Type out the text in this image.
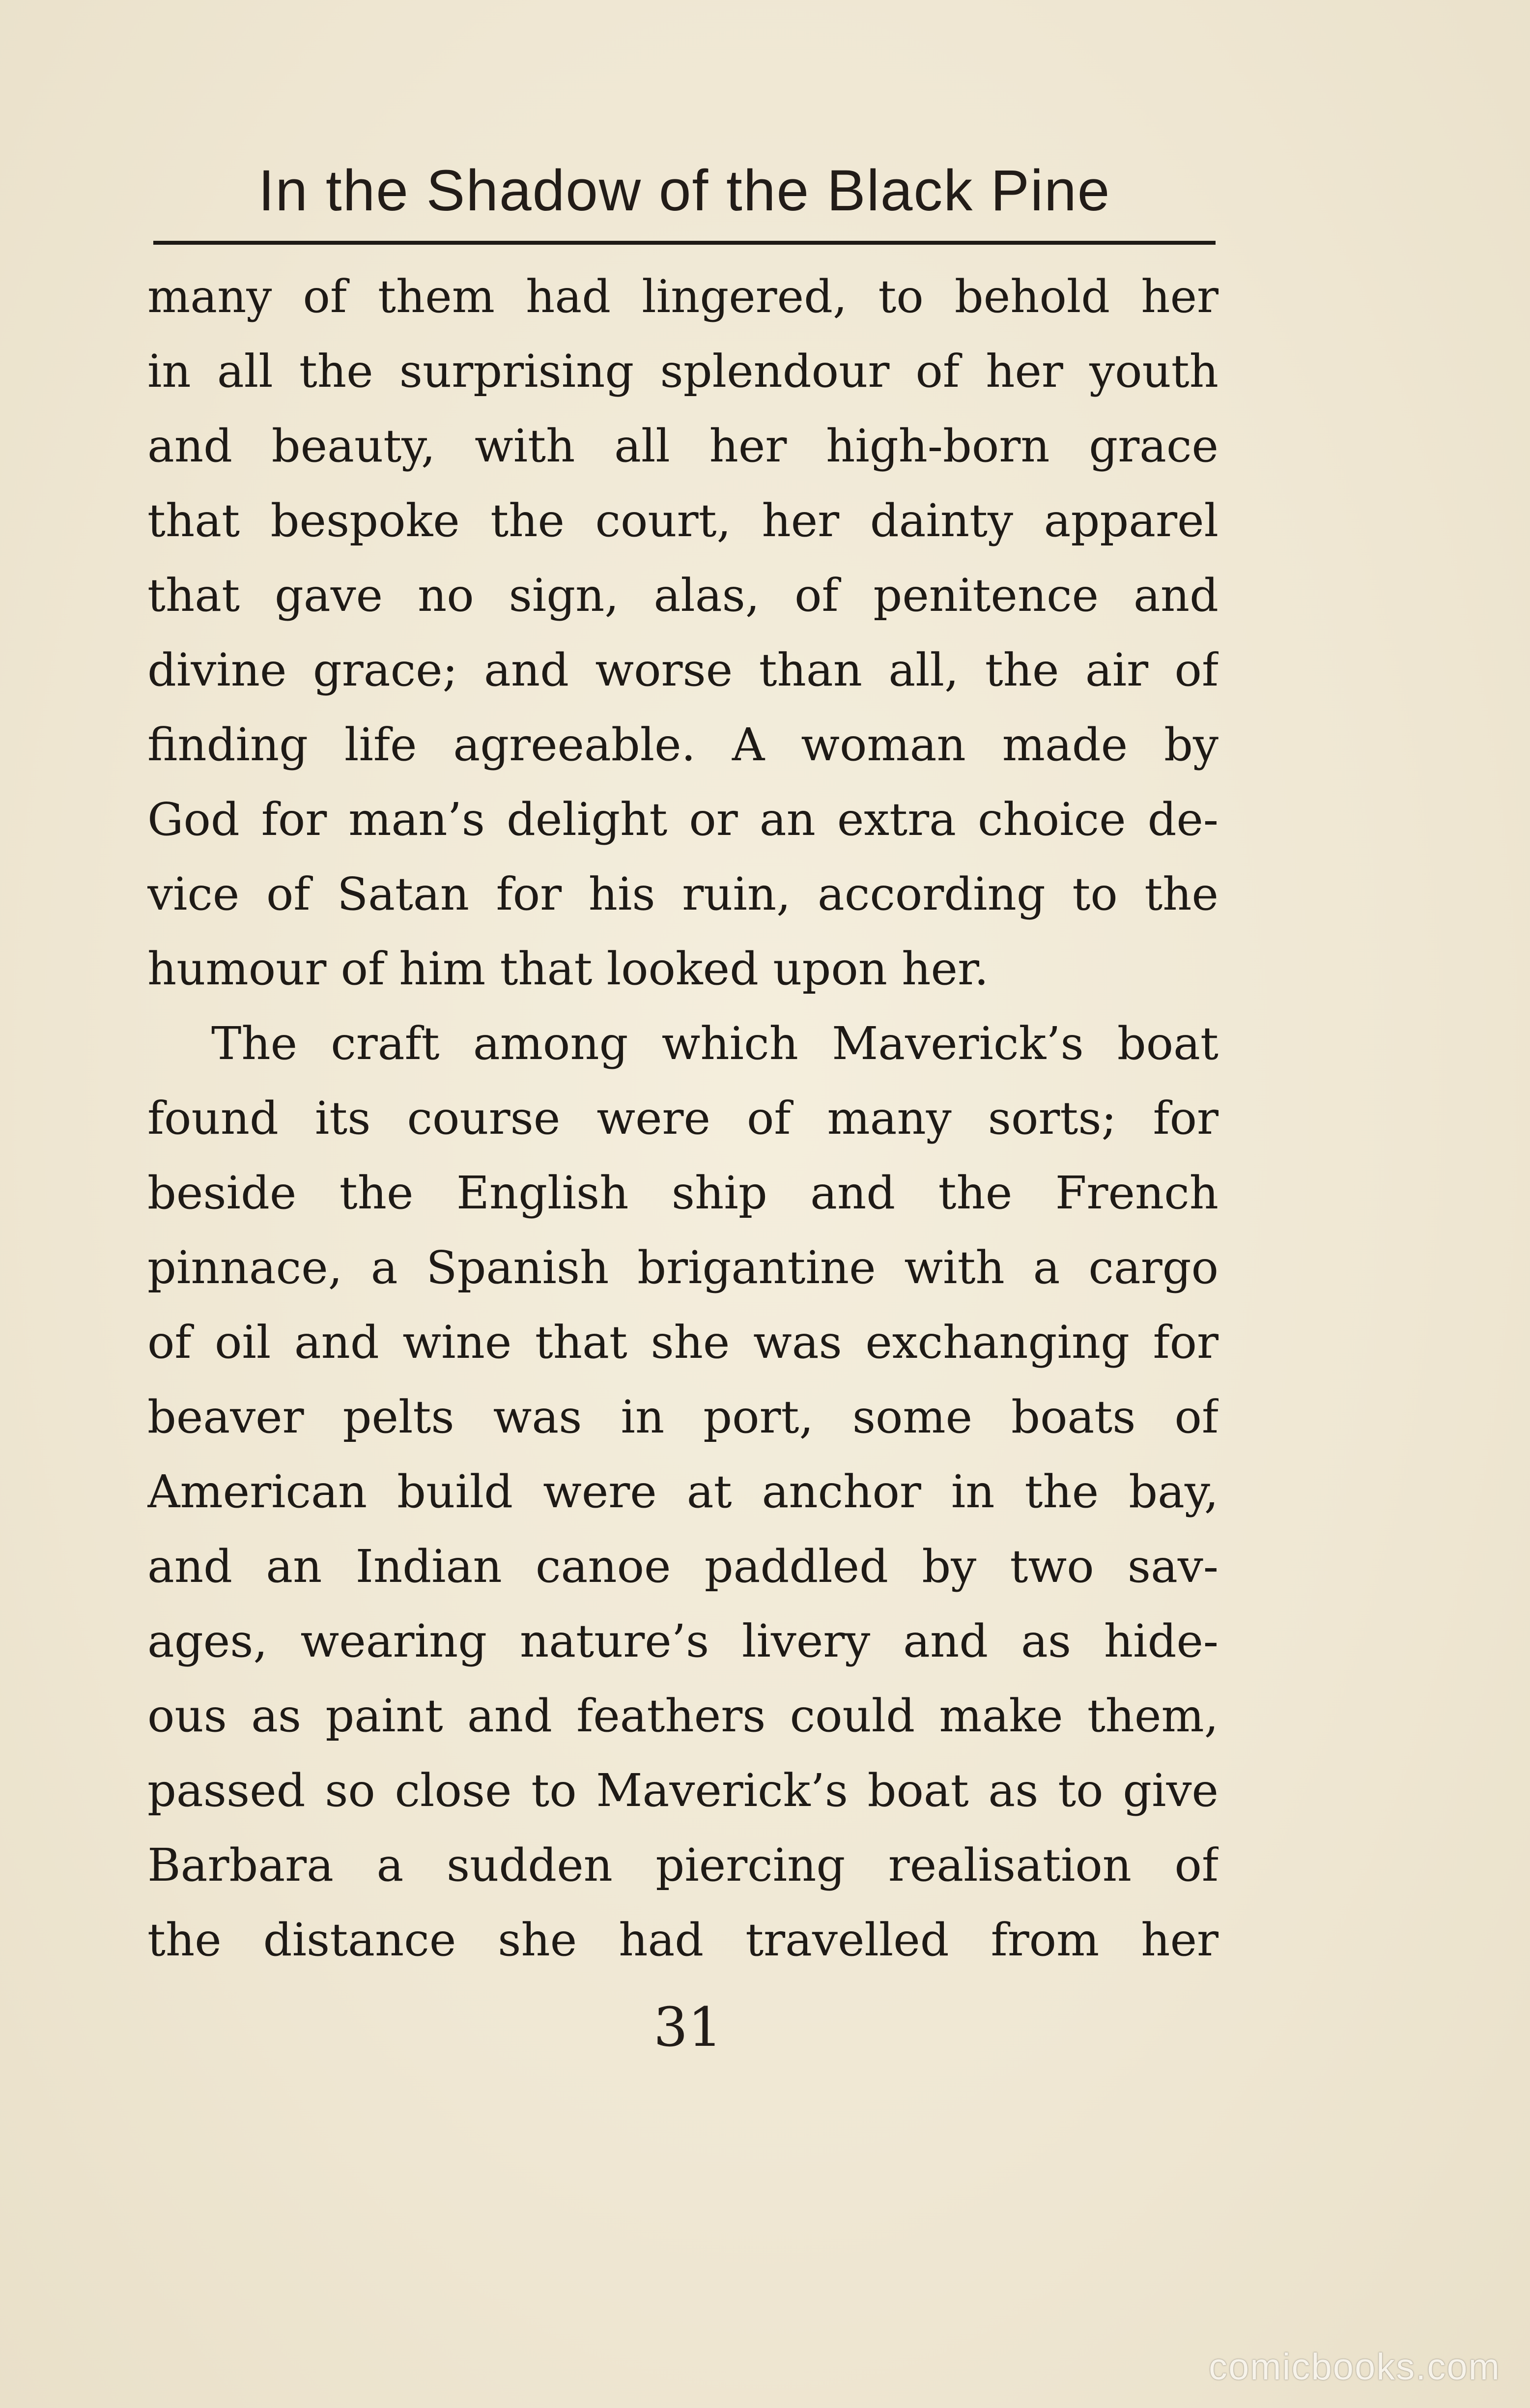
In the Shadow of the Black Pine
many of them had lingered, to behold her
in all the surprising splendour of her youth
and beauty, with all her high-born grace
that bespoke the court, her dainty apparel
that gave no sign, alas, of penitence and
divine grace; and worse than all, the air of
finding life agreeable. A woman made by
God for man’s delight or an extra choice de-
vice of Satan for his ruin, according to the
humour of him that looked upon her.
The craft among which Maverick’s boat
found its course were of many sorts; for
beside the English ship and the French
pinnace, a Spanish brigantine with a cargo
of oil and wine that she was exchanging for
beaver pelts was in port, some boats of
American build were at anchor in the bay,
and an Indian canoe paddled by two sav-
ages, wearing nature’s livery and as hide-
ous as paint and feathers could make them,
passed so close to Maverick’s boat as to give
Barbara a sudden piercing realisation of
the distance she had travelled from her
31
comicbooks.com
